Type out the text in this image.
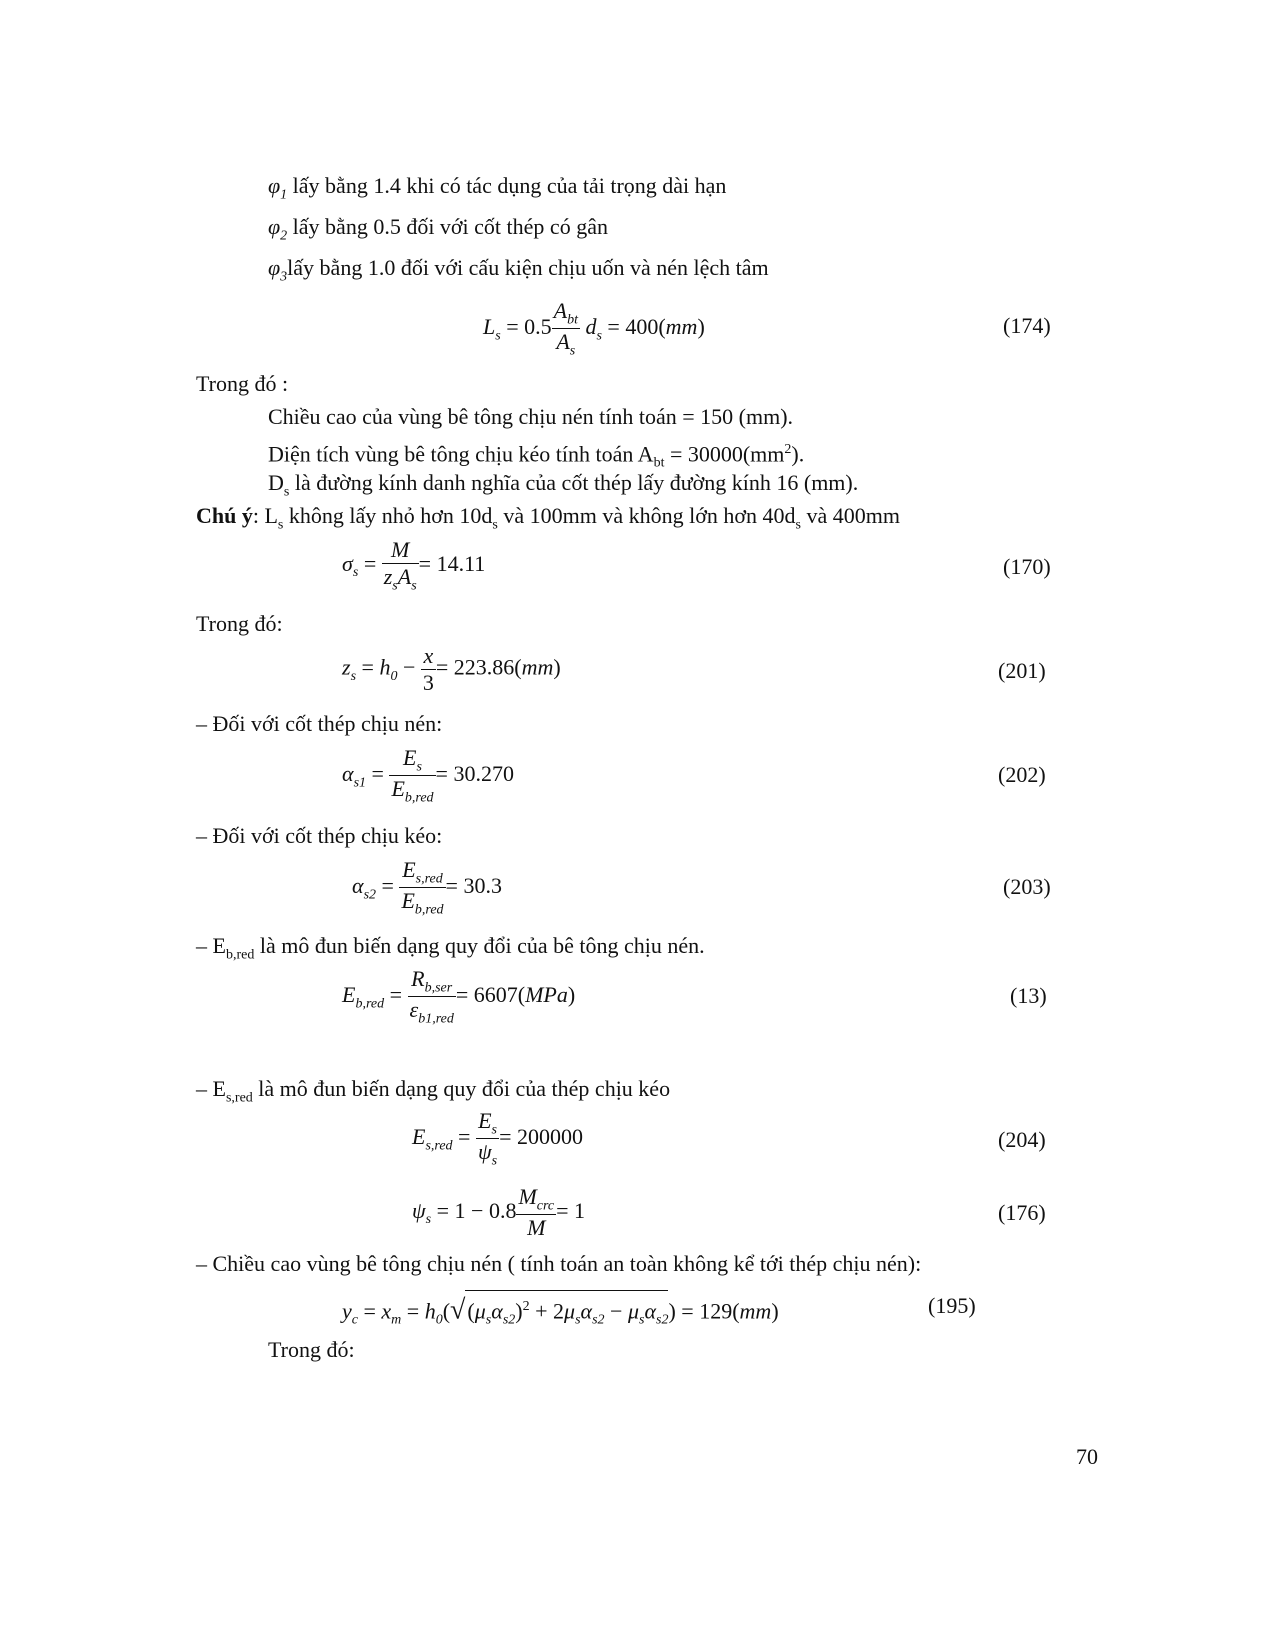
$\varphi_1$ lấy bằng 1.4 khi có tác dụng của tải trọng dài hạn
$\varphi_2$ lấy bằng 0.5 đối với cốt thép có gân
$\varphi_3lấy$ bằng 1.0 đối với cấu kiện chịu uốn và nén lệch tâm
$L_s = 0.5 \frac{A_{bt}}{A_s} d_s = 400(mm)$	(174)
Trong đó :
Chiều cao của vùng bê tông chịu nén tính toán = 150 (mm).
Diện tích vùng bê tông chịu kéo tính toán $A_{bt} = 30000(mm^2)$.
$D_s$ là đường kính danh nghĩa của cốt thép lấy đường kính 16 (mm).
Chú ý: $L_s$ không lấy nhỏ hơn $10d_s$ và 100mm và không lớn hơn $40d_s$ và 400mm
$\sigma_s = \frac{M}{z_sA_s} = 14.11$	(170)
Trong đó:
$z_s = h_0 - \frac{x}{3} = 223.86(mm)$	(201)
– Đối với cốt thép chịu nén:
$\alpha_{s1} = \frac{E_s}{E_{b,red}} = 30.270$	(202)
– Đối với cốt thép chịu kéo:
$\alpha_{s2} = \frac{E_{s,red}}{E_{b,red}} = 30.3$	(203)
– $E_{b,red}$ là mô đun biến dạng quy đổi của bê tông chịu nén.
$E_{b,red} = \frac{R_{b,ser}}{\varepsilon_{b1,red}} = 6607(MPa)$	(13)
– $E_{s,red}$ là mô đun biến dạng quy đổi của thép chịu kéo
$E_{s,red} = \frac{E_s}{\psi_s} = 200000$	(204)
$\psi_s = 1 - 0.8 \frac{M_{crc}}{M} = 1$	(176)
– Chiều cao vùng bê tông chịu nén ( tính toán an toàn không kể tới thép chịu nén):
$y_c = x_m = h_0(√(\mu_s\alpha_{s2})^2 + 2\mu_s\alpha_{s2} - \mu_s\alpha_{s2}) = 129(mm)$	(195)
Trong đó:
70
